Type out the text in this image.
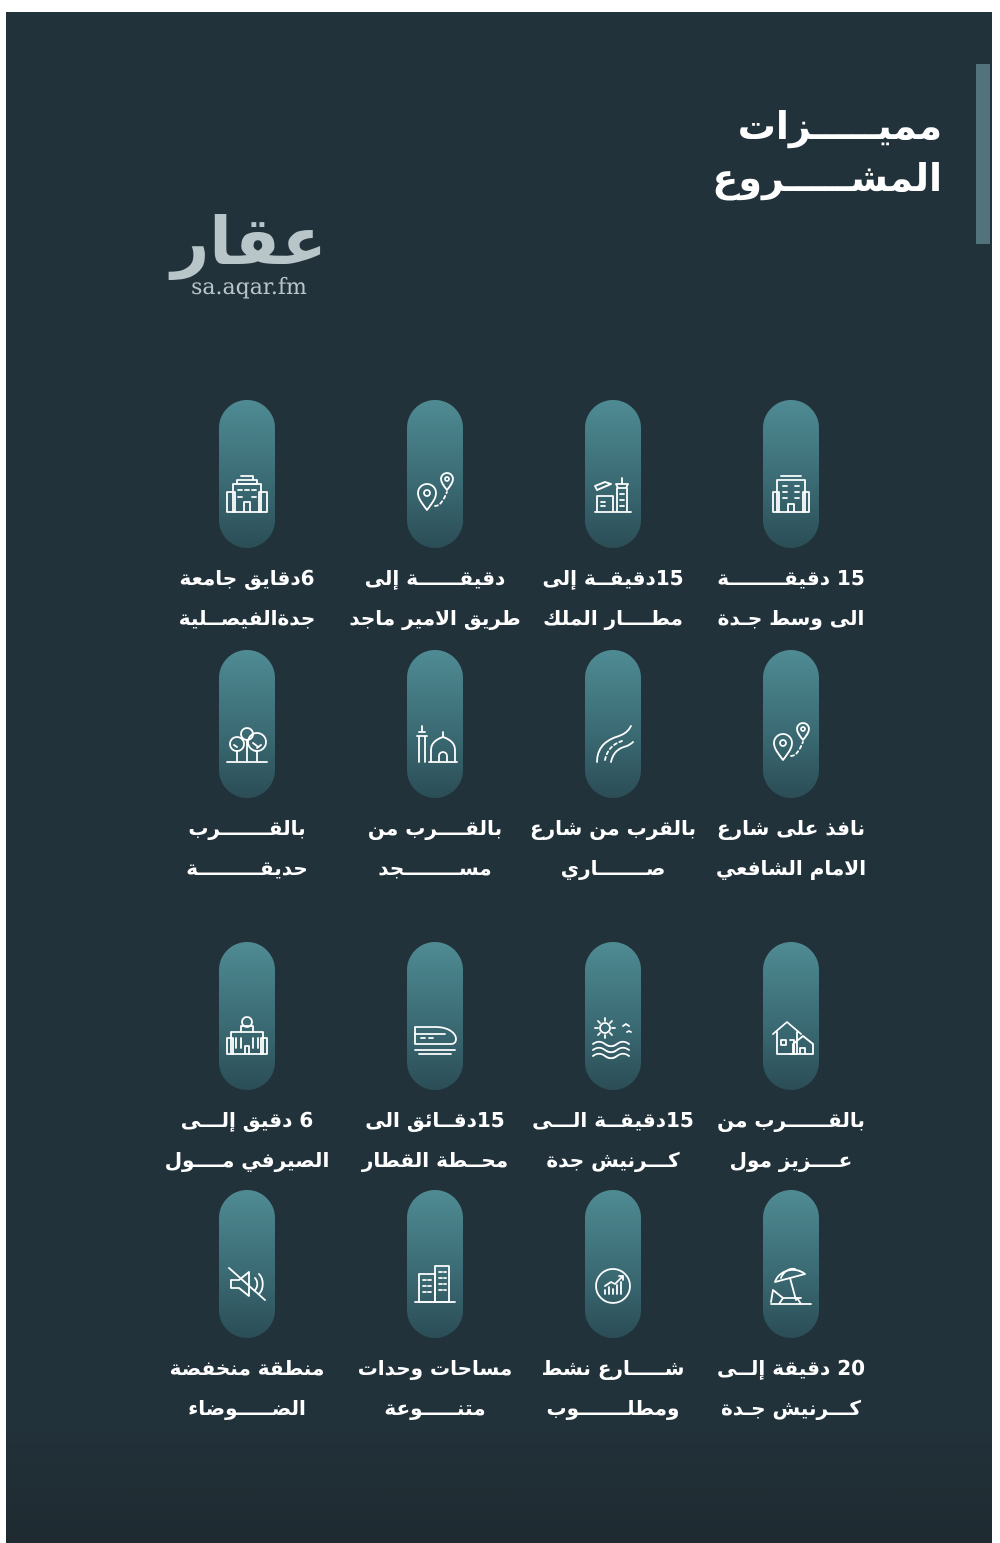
مميـــــزات
المشـــــروع
عقار
sa.aqar.fm
15 دقيقــــــــة
الى وسط جـدة
15دقيقــة إلى
مطــــار الملك
دقيقــــــة إلى
طريق الامير ماجد
6دقايق جامعة
جدةالفيصــلية
نافذ على شارع
الامام الشافعي
بالقرب من شارع
صـــــــاري
بالقــــرب من
مســــــــجد
بالقـــــــرب
حديقـــــــــة
بالقــــــرب من
عــــزيز مول
15دقيقــة الـــى
كـــرنيش جدة
15دقــائق الى
محــطة القطار
6 دقيق إلـــى
الصيرفي مــــول
20 دقيقة إلــى
كـــرنيش جـدة
شـــــارع نشط
ومطلـــــــوب
مساحات وحدات
متنـــــوعة
منطقة منخفضة
الضـــــوضاء
